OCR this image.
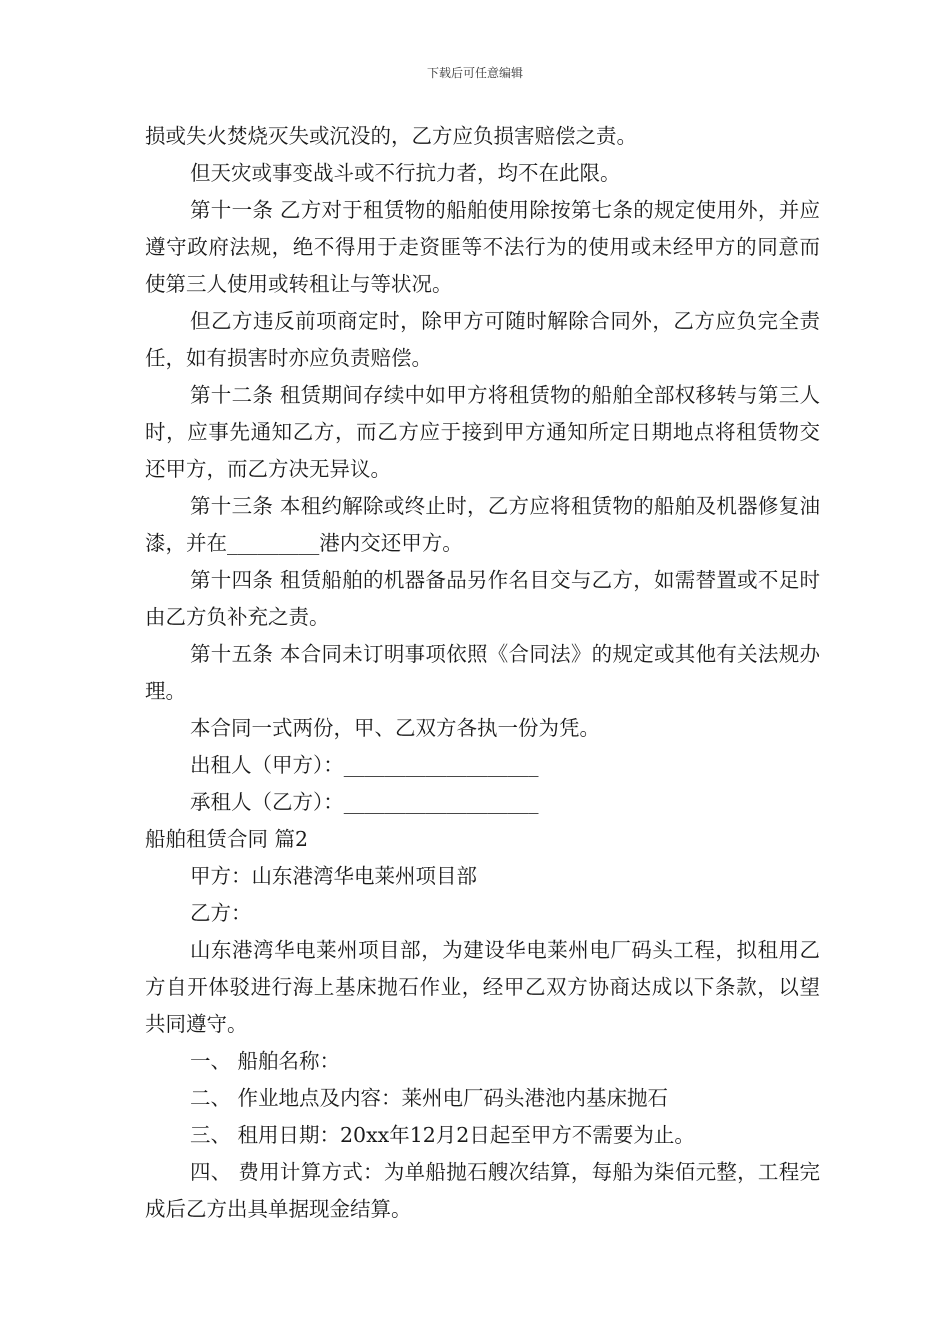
下载后可任意编辑

损或失火焚烧灭失或沉没的，乙方应负损害赔偿之责。

但天灾或事变战斗或不行抗力者，均不在此限。

第十一条 乙方对于租赁物的船舶使用除按第七条的规定使用外，并应遵守政府法规，绝不得用于走资匪等不法行为的使用或未经甲方的同意而使第三人使用或转租让与等状况。

但乙方违反前项商定时，除甲方可随时解除合同外，乙方应负完全责任，如有损害时亦应负责赔偿。

第十二条 租赁期间存续中如甲方将租赁物的船舶全部权移转与第三人时，应事先通知乙方，而乙方应于接到甲方通知所定日期地点将租赁物交还甲方，而乙方决无异议。

第十三条 本租约解除或终止时，乙方应将租赁物的船舶及机器修复油漆，并在_________港内交还甲方。

第十四条 租赁船舶的机器备品另作名目交与乙方，如需替置或不足时由乙方负补充之责。

第十五条 本合同未订明事项依照《合同法》的规定或其他有关法规办理。

本合同一式两份，甲、乙双方各执一份为凭。

出租人（甲方）：___________________

承租人（乙方）：___________________

船舶租赁合同 篇2

甲方：山东港湾华电莱州项目部

乙方：

山东港湾华电莱州项目部，为建设华电莱州电厂码头工程，拟租用乙方自开体驳进行海上基床抛石作业，经甲乙双方协商达成以下条款，以望共同遵守。

一、 船舶名称：

二、 作业地点及内容：莱州电厂码头港池内基床抛石

三、 租用日期：20xx年12月2日起至甲方不需要为止。

四、 费用计算方式：为单船抛石艘次结算，每船为柒佰元整，工程完成后乙方出具单据现金结算。
